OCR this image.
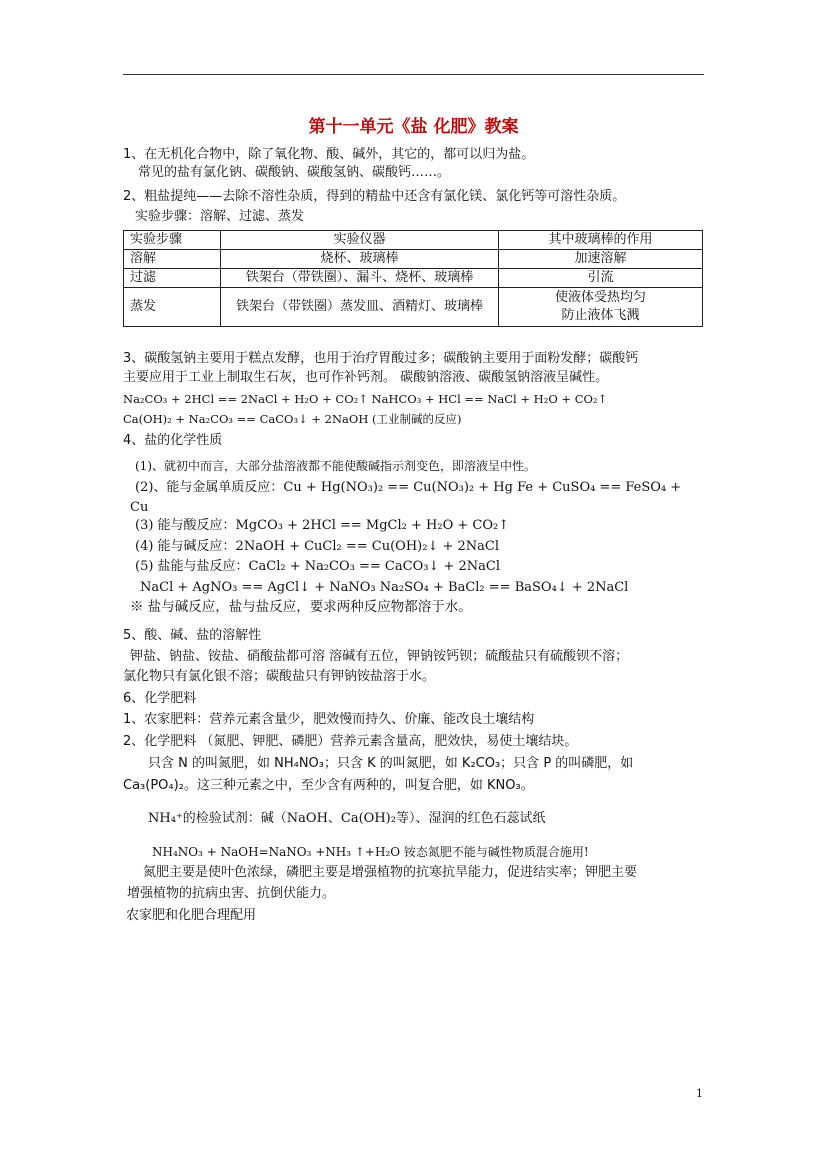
第十一单元《盐 化肥》教案
1、在无机化合物中，除了氧化物、酸、碱外，其它的，都可以归为盐。
常见的盐有氯化钠、碳酸钠、碳酸氢钠、碳酸钙……。
2、粗盐提纯——去除不溶性杂质，得到的精盐中还含有氯化镁、氯化钙等可溶性杂质。
实验步骤：溶解、过滤、蒸发
实验步骤	实验仪器	其中玻璃棒的作用
溶解	烧杯、玻璃棒	加速溶解
过滤	铁架台（带铁圈）、漏斗、烧杯、玻璃棒	引流
蒸发	铁架台（带铁圈）蒸发皿、酒精灯、玻璃棒	使液体受热均匀
防止液体飞溅
3、碳酸氢钠主要用于糕点发酵，也用于治疗胃酸过多；碳酸钠主要用于面粉发酵；碳酸钙
主要应用于工业上制取生石灰，也可作补钙剂。 碳酸钠溶液、碳酸氢钠溶液呈碱性。
Na₂CO₃ + 2HCl == 2NaCl + H₂O + CO₂↑ NaHCO₃ + HCl == NaCl + H₂O + CO₂↑
Ca(OH)₂ + Na₂CO₃ == CaCO₃↓ + 2NaOH (工业制碱的反应)
4、盐的化学性质
(1)、就初中而言，大部分盐溶液都不能使酸碱指示剂变色，即溶液呈中性。
(2)、能与金属单质反应：Cu + Hg(NO₃)₂ == Cu(NO₃)₂ + Hg Fe + CuSO₄ == FeSO₄ +
Cu
(3) 能与酸反应：MgCO₃ + 2HCl == MgCl₂ + H₂O + CO₂↑
(4) 能与碱反应：2NaOH + CuCl₂ == Cu(OH)₂↓ + 2NaCl
(5) 盐能与盐反应：CaCl₂ + Na₂CO₃ == CaCO₃↓ + 2NaCl
NaCl + AgNO₃ == AgCl↓ + NaNO₃ Na₂SO₄ + BaCl₂ == BaSO₄↓ + 2NaCl
※ 盐与碱反应，盐与盐反应，要求两种反应物都溶于水。
5、酸、碱、盐的溶解性
钾盐、钠盐、铵盐、硝酸盐都可溶 溶碱有五位，钾钠铵钙钡；硫酸盐只有硫酸钡不溶；
氯化物只有氯化银不溶；碳酸盐只有钾钠铵盐溶于水。
6、化学肥料
1、农家肥料：营养元素含量少，肥效慢而持久、价廉、能改良土壤结构
2、化学肥料 （氮肥、钾肥、磷肥）营养元素含量高，肥效快，易使土壤结块。
只含 N 的叫氮肥，如 NH₄NO₃；只含 K 的叫氮肥，如 K₂CO₃；只含 P 的叫磷肥，如
Ca₃(PO₄)₂。这三种元素之中，至少含有两种的，叫复合肥，如 KNO₃。
NH₄⁺的检验试剂：碱（NaOH、Ca(OH)₂等）、湿润的红色石蕊试纸
NH₄NO₃ + NaOH=NaNO₃ +NH₃ ↑+H₂O 铵态氮肥不能与碱性物质混合施用!
氮肥主要是使叶色浓绿，磷肥主要是增强植物的抗寒抗旱能力，促进结实率；钾肥主要
增强植物的抗病虫害、抗倒伏能力。
农家肥和化肥合理配用
1
